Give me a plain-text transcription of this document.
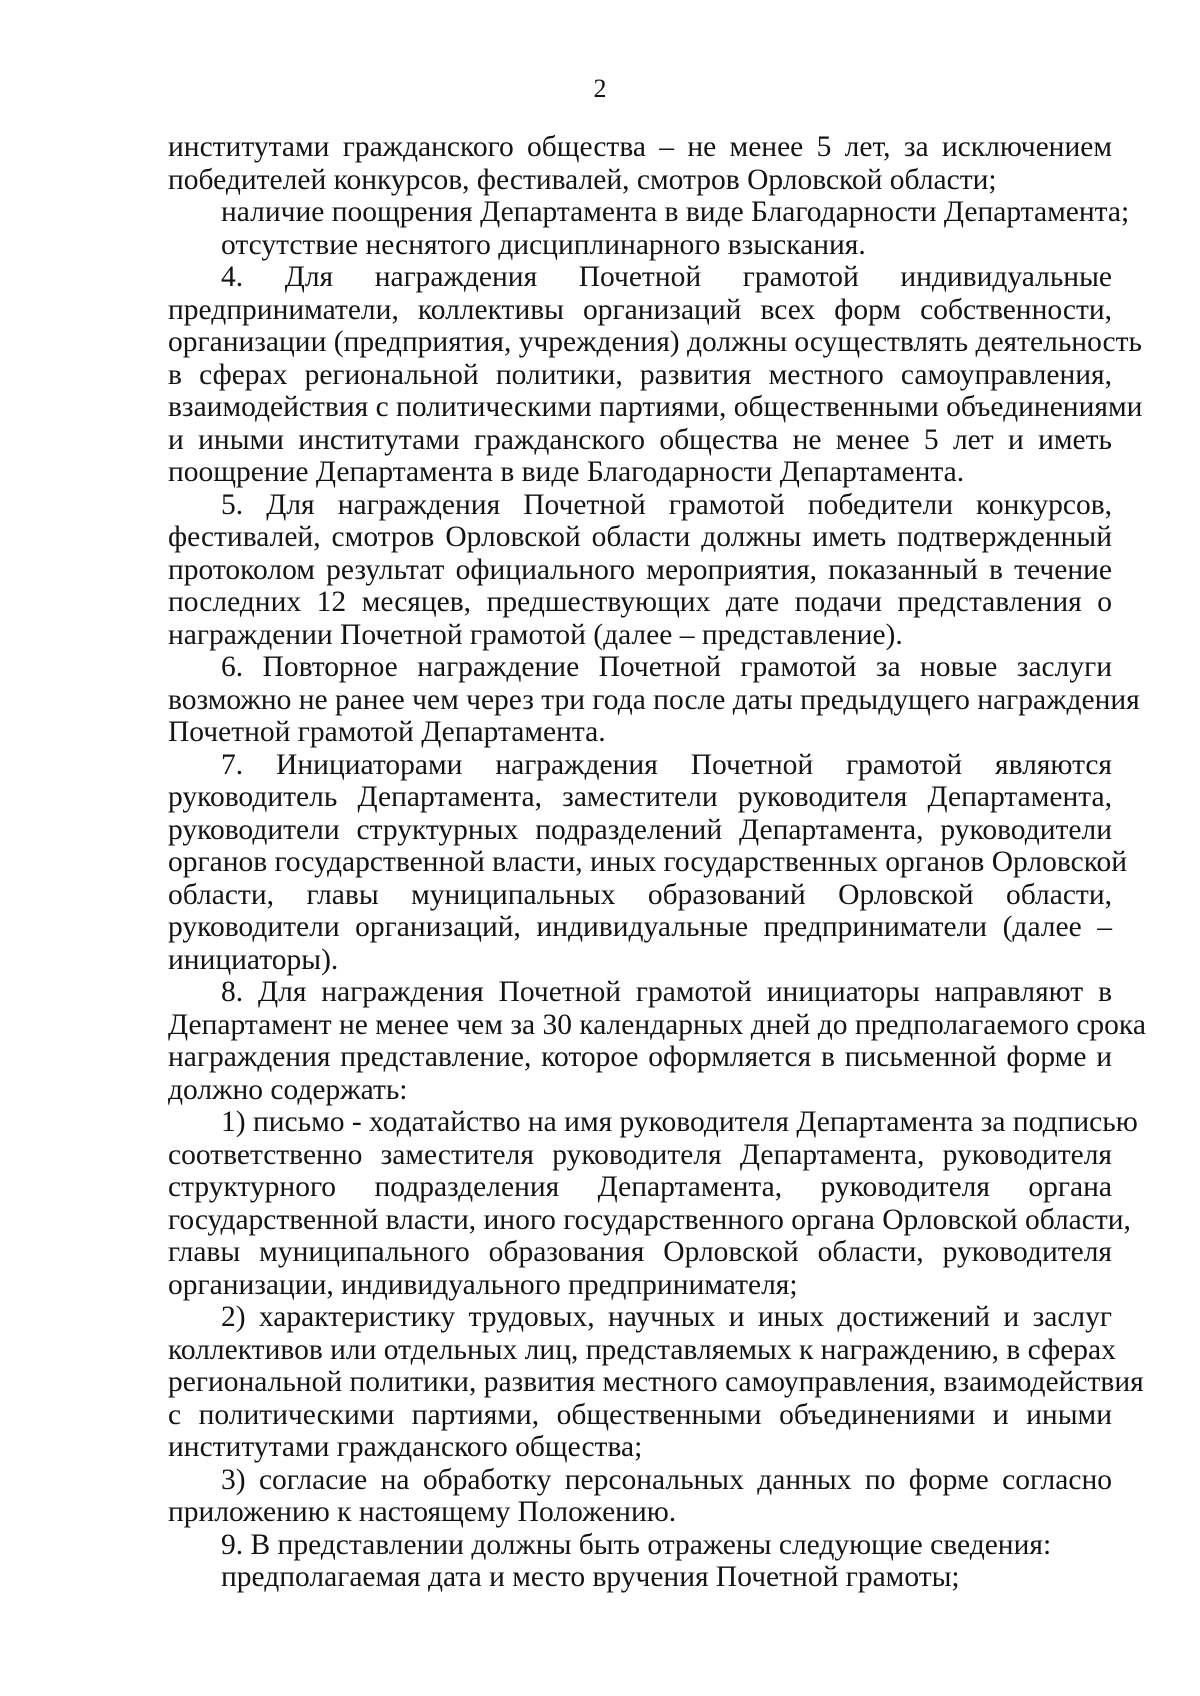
2
институтами гражданского общества – не менее 5 лет, за исключением
победителей конкурсов, фестивалей, смотров Орловской области;
наличие поощрения Департамента в виде Благодарности Департамента;
отсутствие неснятого дисциплинарного взыскания.
4. Для награждения Почетной грамотой индивидуальные
предприниматели, коллективы организаций всех форм собственности,
организации (предприятия, учреждения) должны осуществлять деятельность
в сферах региональной политики, развития местного самоуправления,
взаимодействия с политическими партиями, общественными объединениями
и иными институтами гражданского общества не менее 5 лет и иметь
поощрение Департамента в виде Благодарности Департамента.
5. Для награждения Почетной грамотой победители конкурсов,
фестивалей, смотров Орловской области должны иметь подтвержденный
протоколом результат официального мероприятия, показанный в течение
последних 12 месяцев, предшествующих дате подачи представления о
награждении Почетной грамотой (далее – представление).
6. Повторное награждение Почетной грамотой за новые заслуги
возможно не ранее чем через три года после даты предыдущего награждения
Почетной грамотой Департамента.
7. Инициаторами награждения Почетной грамотой являются
руководитель Департамента, заместители руководителя Департамента,
руководители структурных подразделений Департамента, руководители
органов государственной власти, иных государственных органов Орловской
области, главы муниципальных образований Орловской области,
руководители организаций, индивидуальные предприниматели (далее –
инициаторы).
8. Для награждения Почетной грамотой инициаторы направляют в
Департамент не менее чем за 30 календарных дней до предполагаемого срока
награждения представление, которое оформляется в письменной форме и
должно содержать:
1) письмо - ходатайство на имя руководителя Департамента за подписью
соответственно заместителя руководителя Департамента, руководителя
структурного подразделения Департамента, руководителя органа
государственной власти, иного государственного органа Орловской области,
главы муниципального образования Орловской области, руководителя
организации, индивидуального предпринимателя;
2) характеристику трудовых, научных и иных достижений и заслуг
коллективов или отдельных лиц, представляемых к награждению, в сферах
региональной политики, развития местного самоуправления, взаимодействия
с политическими партиями, общественными объединениями и иными
институтами гражданского общества;
3) согласие на обработку персональных данных по форме согласно
приложению к настоящему Положению.
9. В представлении должны быть отражены следующие сведения:
предполагаемая дата и место вручения Почетной грамоты;
